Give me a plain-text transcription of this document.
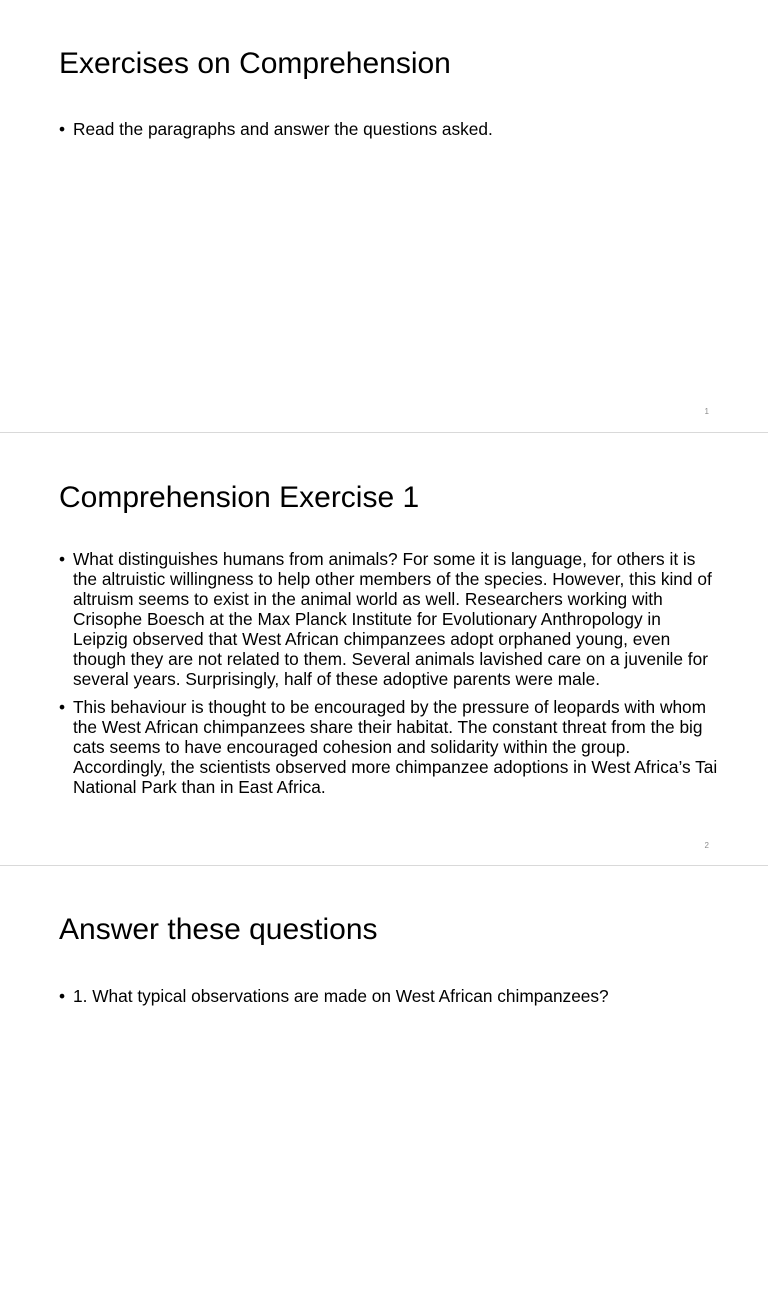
Exercises on Comprehension
• Read the paragraphs and answer the questions asked.
1
Comprehension Exercise 1
• What distinguishes humans from animals? For some it is language, for others it is the altruistic willingness to help other members of the species. However, this kind of altruism seems to exist in the animal world as well. Researchers working with Crisophe Boesch at the Max Planck Institute for Evolutionary Anthropology in Leipzig observed that West African chimpanzees adopt orphaned young, even though they are not related to them. Several animals lavished care on a juvenile for several years. Surprisingly, half of these adoptive parents were male.
• This behaviour is thought to be encouraged by the pressure of leopards with whom the West African chimpanzees share their habitat. The constant threat from the big cats seems to have encouraged cohesion and solidarity within the group. Accordingly, the scientists observed more chimpanzee adoptions in West Africa’s Tai National Park than in East Africa.
2
Answer these questions
• 1. What typical observations are made on West African chimpanzees?
